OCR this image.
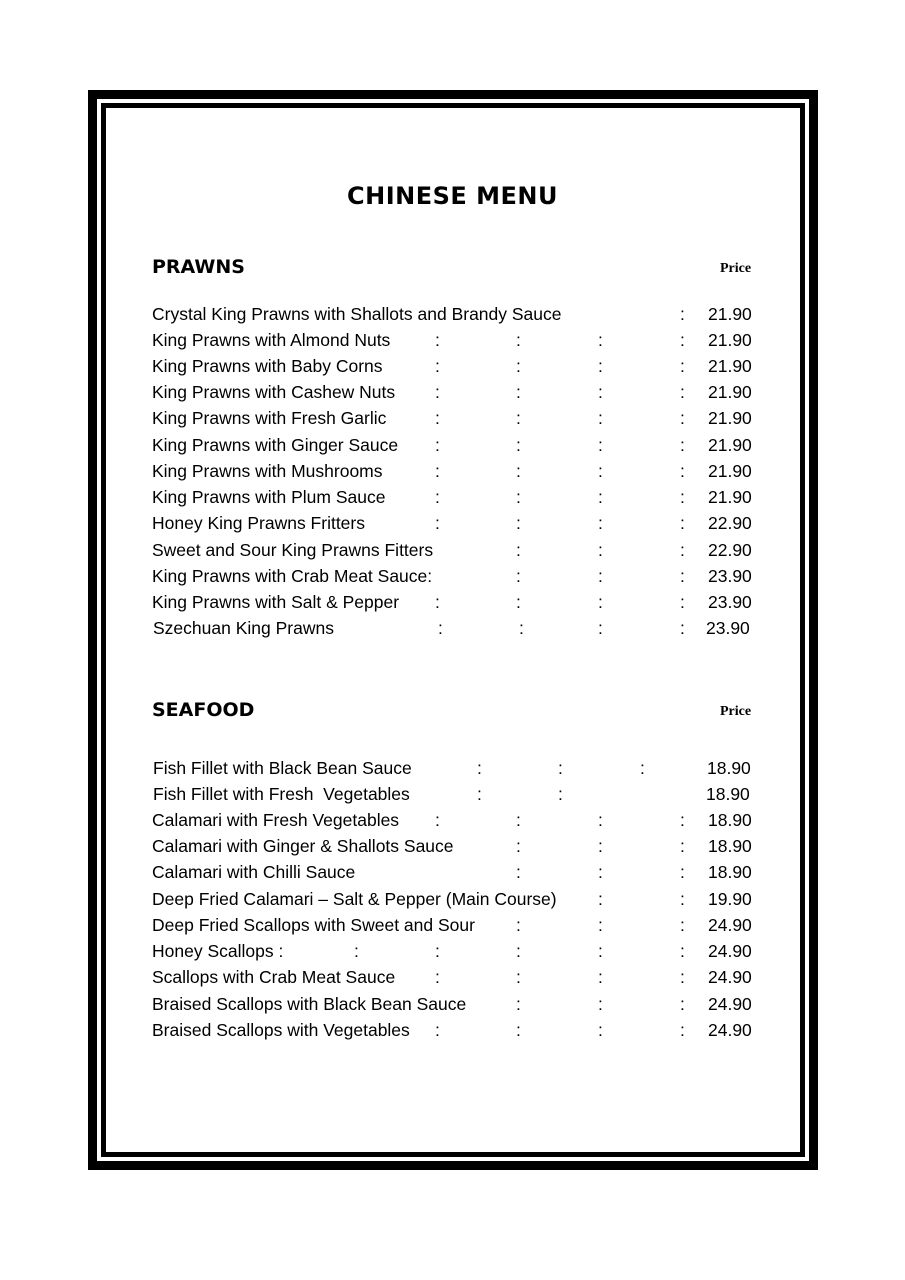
CHINESE MENU
PRAWNS	Price
Crystal King Prawns with Shallots and Brandy Sauce	: 21.90
King Prawns with Almond Nuts	:	:	:	: 21.90
King Prawns with Baby Corns	:	:	:	: 21.90
King Prawns with Cashew Nuts :	:	:	: 21.90
King Prawns with Fresh Garlic	:	:	:	: 21.90
King Prawns with Ginger Sauce :	:	:	: 21.90
King Prawns with Mushrooms	:	:	:	: 21.90
King Prawns with Plum Sauce	:	:	:	: 21.90
Honey King Prawns Fritters	:	:	:	: 22.90
Sweet and Sour King Prawns Fitters	:	:	: 22.90
King Prawns with Crab Meat Sauce:	:	:	: 23.90
King Prawns with Salt & Pepper :	:	:	: 23.90
Szechuan King Prawns	:	:	:	: 23.90
SEAFOOD	Price
Fish Fillet with Black Bean Sauce	:	:	:	18.90
Fish Fillet with Fresh  Vegetables	:	:	18.90
Calamari with Fresh Vegetables :	:	:	: 18.90
Calamari with Ginger & Shallots Sauce	:	:	: 18.90
Calamari with Chilli Sauce	:	:	: 18.90
Deep Fried Calamari – Salt & Pepper (Main Course) :	: 19.90
Deep Fried Scallops with Sweet and Sour :	:	: 24.90
Honey Scallops :	:	:	:	:	: 24.90
Scallops with Crab Meat Sauce :	:	:	: 24.90
Braised Scallops with Black Bean Sauce	:	:	: 24.90
Braised Scallops with Vegetables :	:	:	: 24.90
